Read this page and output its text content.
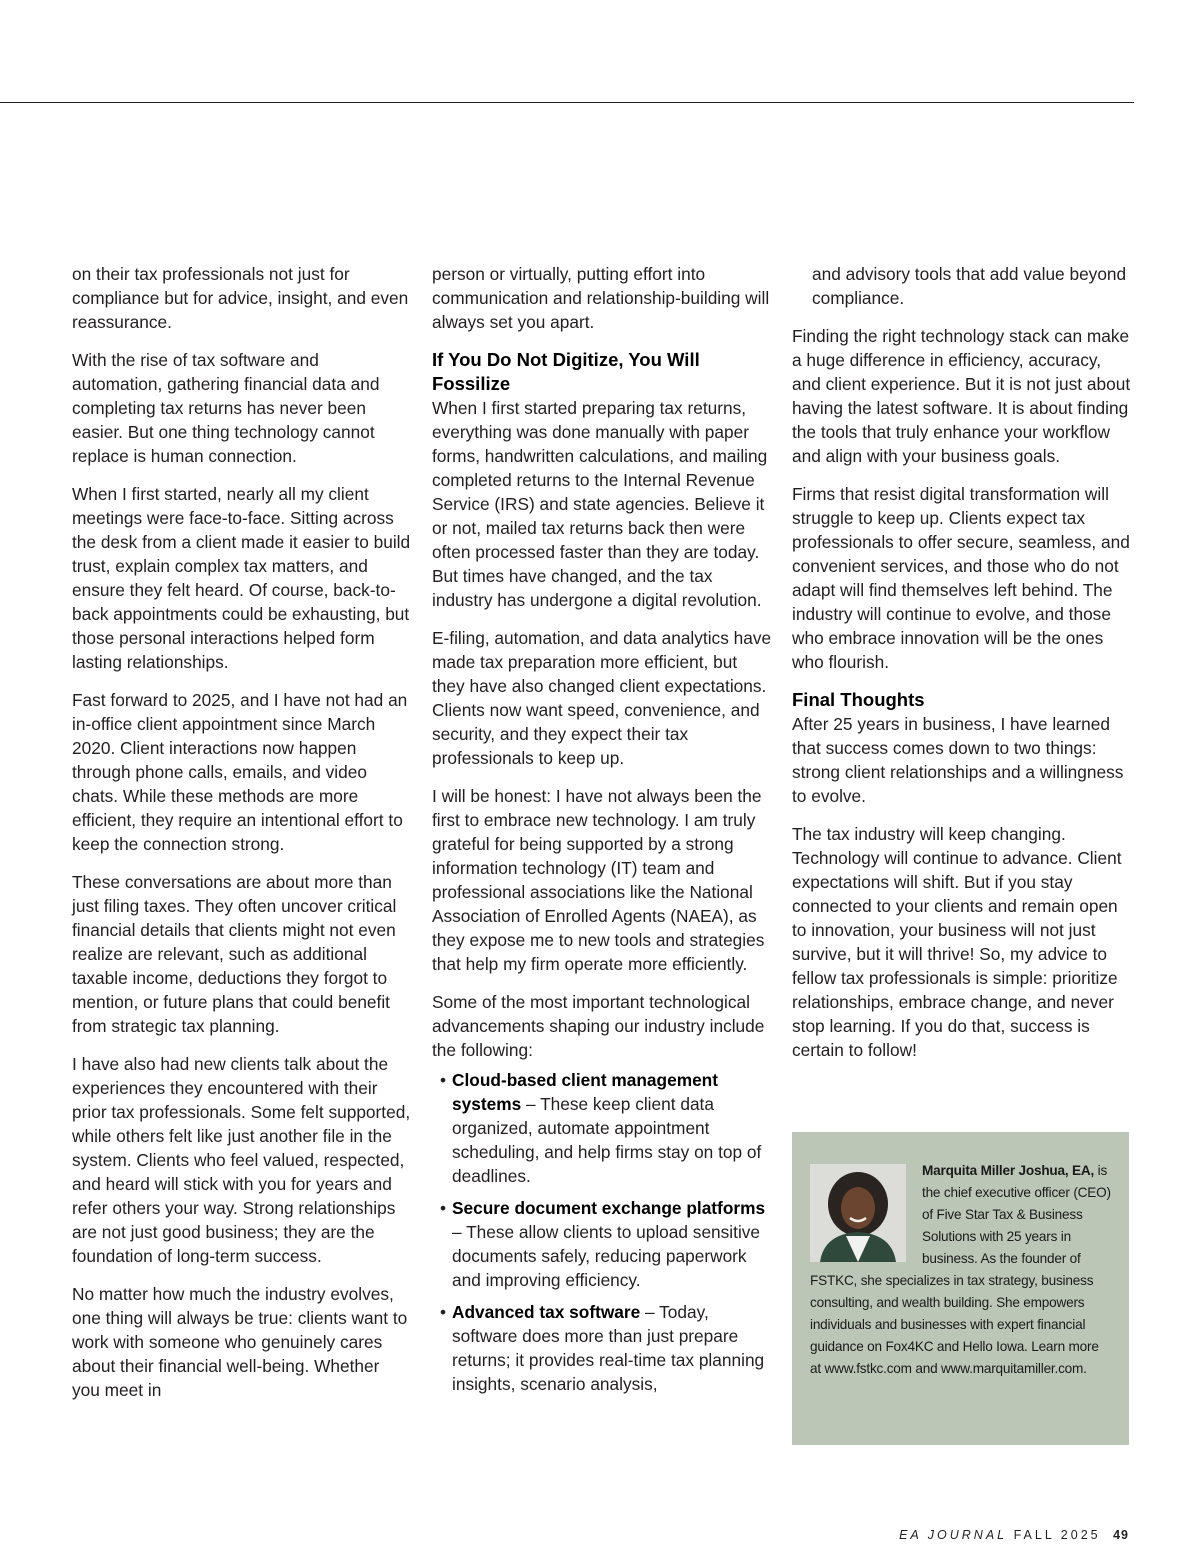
on their tax professionals not just for compliance but for advice, insight, and even reassurance.

With the rise of tax software and automation, gathering financial data and completing tax returns has never been easier. But one thing technology cannot replace is human connection.

When I first started, nearly all my client meetings were face-to-face. Sitting across the desk from a client made it easier to build trust, explain complex tax matters, and ensure they felt heard. Of course, back-to-back appointments could be exhausting, but those personal interactions helped form lasting relationships.

Fast forward to 2025, and I have not had an in-office client appointment since March 2020. Client interactions now happen through phone calls, emails, and video chats. While these methods are more efficient, they require an intentional effort to keep the connection strong.

These conversations are about more than just filing taxes. They often uncover critical financial details that clients might not even realize are relevant, such as additional taxable income, deductions they forgot to mention, or future plans that could benefit from strategic tax planning.

I have also had new clients talk about the experiences they encountered with their prior tax professionals. Some felt supported, while others felt like just another file in the system. Clients who feel valued, respected, and heard will stick with you for years and refer others your way. Strong relationships are not just good business; they are the foundation of long-term success.

No matter how much the industry evolves, one thing will always be true: clients want to work with someone who genuinely cares about their financial well-being. Whether you meet in

person or virtually, putting effort into communication and relationship-building will always set you apart.

If You Do Not Digitize, You Will Fossilize

When I first started preparing tax returns, everything was done manually with paper forms, handwritten calculations, and mailing completed returns to the Internal Revenue Service (IRS) and state agencies. Believe it or not, mailed tax returns back then were often processed faster than they are today. But times have changed, and the tax industry has undergone a digital revolution.

E-filing, automation, and data analytics have made tax preparation more efficient, but they have also changed client expectations. Clients now want speed, convenience, and security, and they expect their tax professionals to keep up.

I will be honest: I have not always been the first to embrace new technology. I am truly grateful for being supported by a strong information technology (IT) team and professional associations like the National Association of Enrolled Agents (NAEA), as they expose me to new tools and strategies that help my firm operate more efficiently.

Some of the most important technological advancements shaping our industry include the following:

• Cloud-based client management systems – These keep client data organized, automate appointment scheduling, and help firms stay on top of deadlines.
• Secure document exchange platforms – These allow clients to upload sensitive documents safely, reducing paperwork and improving efficiency.
• Advanced tax software – Today, software does more than just prepare returns; it provides real-time tax planning insights, scenario analysis,

and advisory tools that add value beyond compliance.

Finding the right technology stack can make a huge difference in efficiency, accuracy, and client experience. But it is not just about having the latest software. It is about finding the tools that truly enhance your workflow and align with your business goals.

Firms that resist digital transformation will struggle to keep up. Clients expect tax professionals to offer secure, seamless, and convenient services, and those who do not adapt will find themselves left behind. The industry will continue to evolve, and those who embrace innovation will be the ones who flourish.

Final Thoughts

After 25 years in business, I have learned that success comes down to two things: strong client relationships and a willingness to evolve.

The tax industry will keep changing. Technology will continue to advance. Client expectations will shift. But if you stay connected to your clients and remain open to innovation, your business will not just survive, but it will thrive! So, my advice to fellow tax professionals is simple: prioritize relationships, embrace change, and never stop learning. If you do that, success is certain to follow!

Marquita Miller Joshua, EA, is the chief executive officer (CEO) of Five Star Tax & Business Solutions with 25 years in business. As the founder of FSTKC, she specializes in tax strategy, business consulting, and wealth building. She empowers individuals and businesses with expert financial guidance on Fox4KC and Hello Iowa. Learn more at www.fstkc.com and www.marquitamiller.com.

EA JOURNAL FALL 2025 49
